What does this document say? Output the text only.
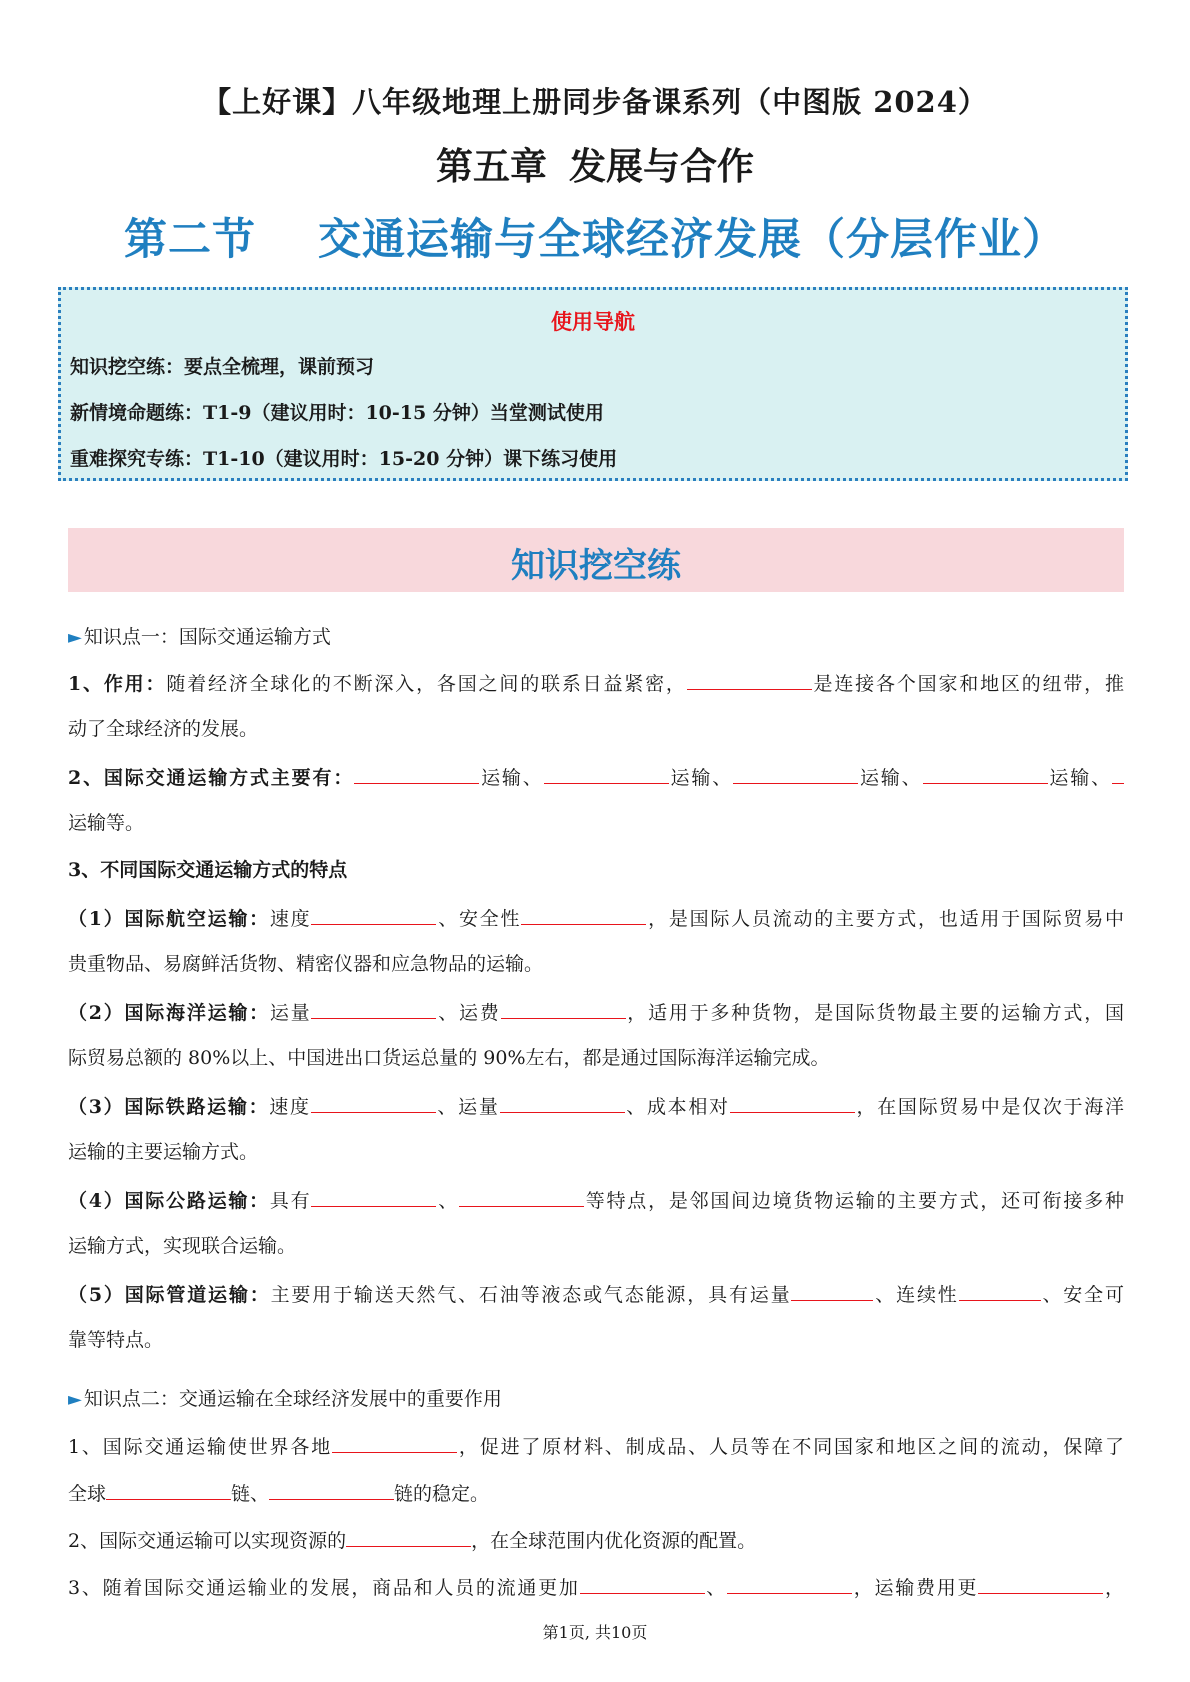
【上好课】八年级地理上册同步备课系列（中图版 2024）
第五章 发展与合作
第二节 交通运输与全球经济发展（分层作业）
使用导航
知识挖空练：要点全梳理，课前预习
新情境命题练：T1-9（建议用时：10-15 分钟）当堂测试使用
重难探究专练：T1-10（建议用时：15-20 分钟）课下练习使用
知识挖空练
► 知识点一：国际交通运输方式
1、作用：随着经济全球化的不断深入，各国之间的联系日益紧密，	是连接各个国家和地区的纽带，推
动了全球经济的发展。
2、国际交通运输方式主要有：	运输、	运输、	运输、	运输、
运输等。
3、不同国际交通运输方式的特点
（1）国际航空运输：速度	、安全性	，是国际人员流动的主要方式，也适用于国际贸易中
贵重物品、易腐鲜活货物、精密仪器和应急物品的运输。
（2）国际海洋运输：运量	、运费	，适用于多种货物，是国际货物最主要的运输方式，国
际贸易总额的 80%以上、中国进出口货运总量的 90%左右，都是通过国际海洋运输完成。
（3）国际铁路运输：速度	、运量	、成本相对	，在国际贸易中是仅次于海洋
运输的主要运输方式。
（4）国际公路运输：具有	、	等特点，是邻国间边境货物运输的主要方式，还可衔接多种
运输方式，实现联合运输。
（5）国际管道运输：主要用于输送天然气、石油等液态或气态能源，具有运量	、连续性	、安全可
靠等特点。
► 知识点二：交通运输在全球经济发展中的重要作用
1、国际交通运输使世界各地	，促进了原材料、制成品、人员等在不同国家和地区之间的流动，保障了
全球	链、	链的稳定。
2、国际交通运输可以实现资源的	，在全球范围内优化资源的配置。
3、随着国际交通运输业的发展，商品和人员的流通更加	、	，运输费用更	，
第1页, 共10页
